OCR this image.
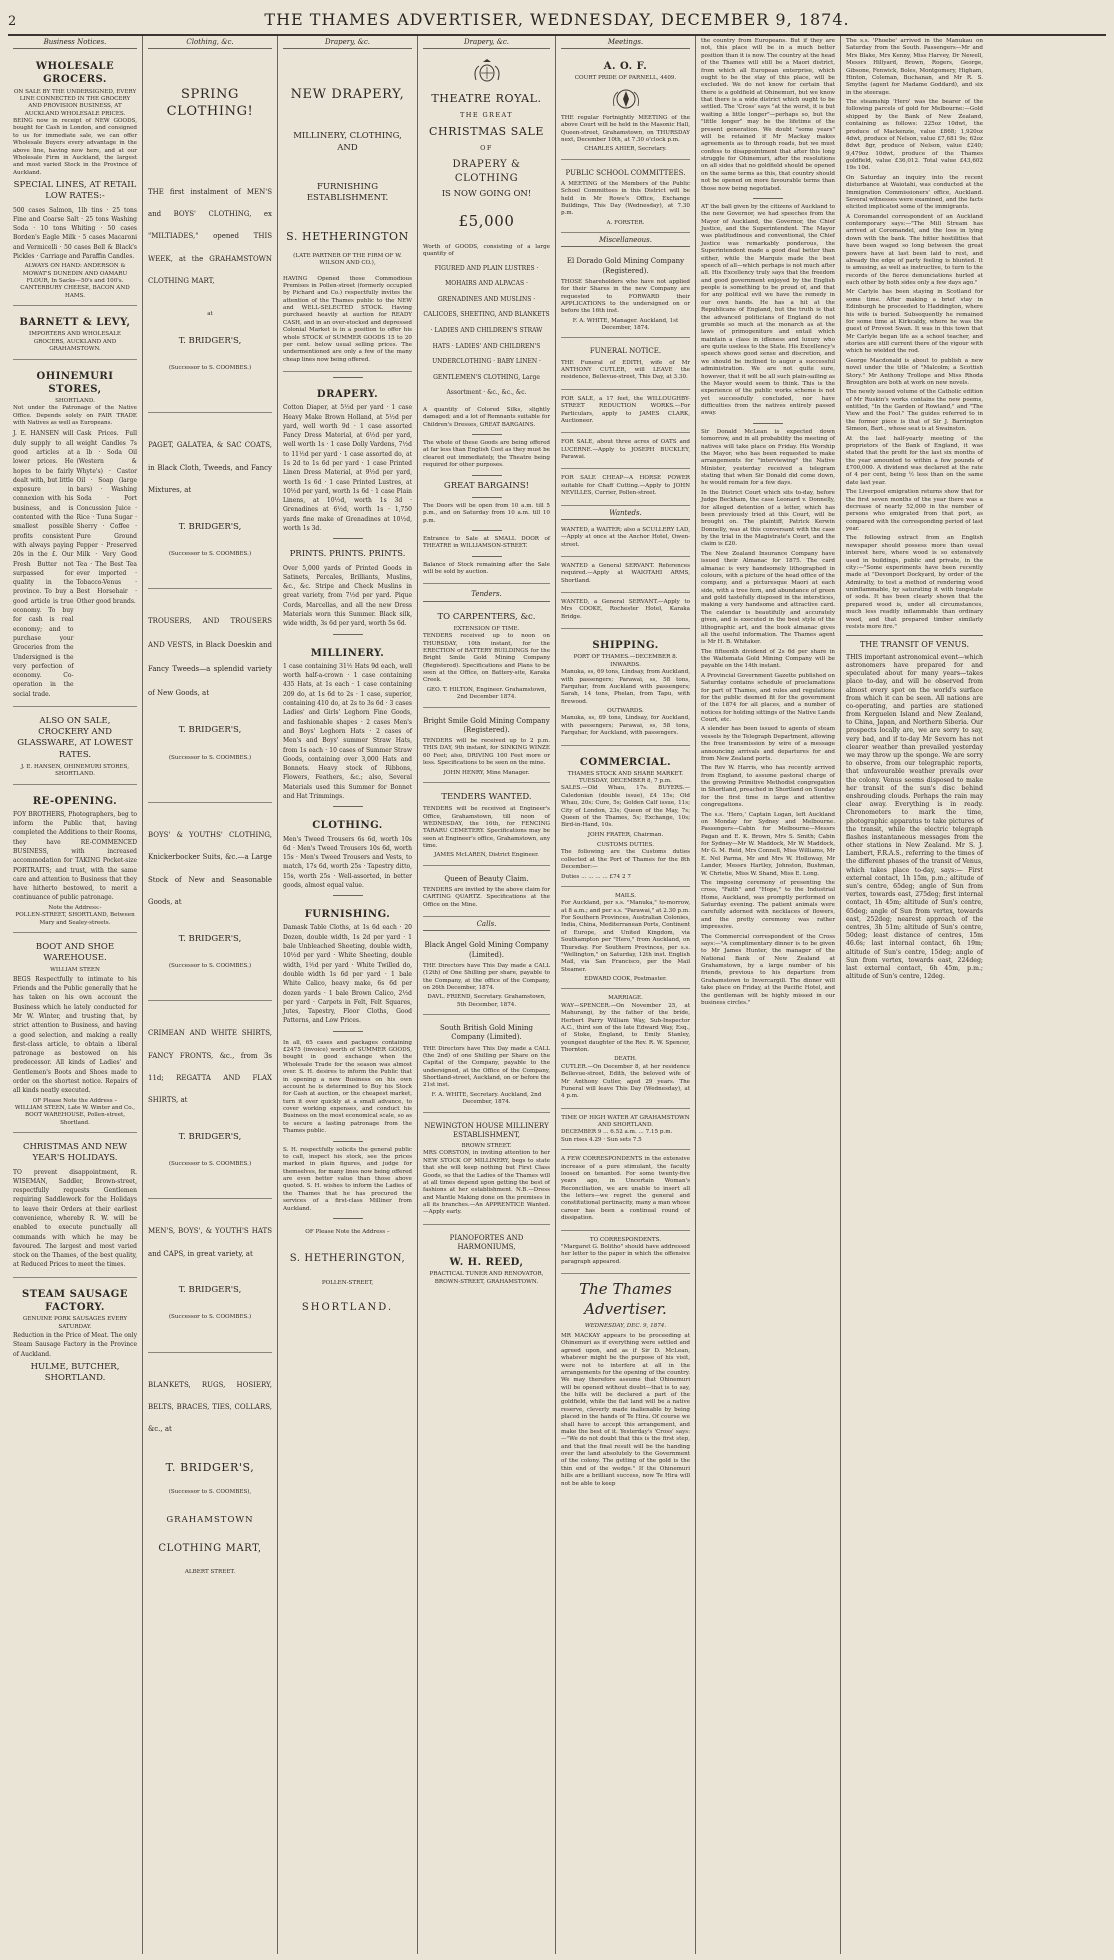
2	THE THAMES ADVERTISER, WEDNESDAY, DECEMBER 9, 1874.
Business Notices.
WHOLESALE GROCERS.
ON SALE BY THE UNDERSIGNED, EVERY LINE CONNECTED IN THE GROCERY AND PROVISION BUSINESS, AT AUCKLAND WHOLESALE PRICES.

BEING now in receipt of NEW GOODS, bought for Cash in London, and consigned to us for immediate sale, we can offer Wholesale Buyers every advantage in the above line, having now here, and at our Wholesale Firm in Auckland, the largest and most varied Stock in the Province of Auckland.

SPECIAL LINES, AT RETAIL LOW RATES:-

500 cases Salmon, 1lb tins · 25 tons Fine and Coarse Salt · 25 tons Washing Soda · 10 tons Whiting · 50 cases Borden's Eagle Milk · 5 cases Macaroni and Vermicelli · 50 cases Bell & Black's Pickles · Carriage and Paraffin Candles.

ALWAYS ON HAND: ANDERSON & MOWAT'S DUNEDIN AND OAMARU FLOUR, In Sacks—50's and 100's. CANTERBURY CHEESE, BACON AND HAMS.
BARNETT & LEVY,
IMPORTERS AND WHOLESALE GROCERS, AUCKLAND AND GRAHAMSTOWN.
OHINEMURI STORES,
SHORTLAND.

Not under the Patronage of the Native Office. Depends solely on FAIR TRADE with Natives as well as Europeans.

J. E. HANSEN will duly supply to all good articles at lower prices. He hopes to be fairly dealt with, but little exposure in connexion with his business, and is contented with the smallest possible profits consistent with always paying 20s in the £. Our Fresh Butter not surpassed for quality in the province. To buy a good article is true economy. To buy for cash is real economy; and to purchase your Groceries from the Undersigned is the very perfection of economy. Co-operation in the social trade.

Cask Prices. Full weight Candles 7s a lb · Soda Oil (Western & Whyte's) · Castor Oil · Soap (large bars) · Washing Soda · Port Concussion Juice · Rice · Tuna Sugar · Sherry · Coffee · Pure Ground Pepper · Preserved Milk · Very Good Tea · The Best Tea ever imported · Tobacco-Venus · Best Horsehair · Other good brands.

ALSO ON SALE, CROCKERY AND GLASSWARE, AT LOWEST RATES.
J. E. HANSEN, OHINEMURI STORES, SHORTLAND.
RE-OPENING.

FOY BROTHERS, Photographers, beg to inform the Public that, having completed the Additions to their Rooms, they have RE-COMMENCED BUSINESS, with increased accommodation for TAKING Pocket-size PORTRAITS; and trust, with the same care and attention to Business that they have hitherto bestowed, to merit a continuance of public patronage.

Note the Address:-
POLLEN-STREET, SHORTLAND, Between Mary and Sealey-streets.
BOOT AND SHOE WAREHOUSE.
WILLIAM STEEN

BEGS Respectfully to intimate to his Friends and the Public generally that he has taken on his own account the Business which he lately conducted for Mr W. Winter, and trusting that, by strict attention to Business, and having a good selection, and making a really first-class article, to obtain a liberal patronage as bestowed on his predecessor. All kinds of Ladies' and Gentlemen's Boots and Shoes made to order on the shortest notice. Repairs of all kinds neatly executed.

OF Please Note the Address –
WILLIAM STEEN, Late W. Winter and Co., BOOT WAREHOUSE, Pollen-street, Shortland.
CHRISTMAS AND NEW YEAR'S HOLIDAYS.

TO prevent disappointment, R. WISEMAN, Saddler, Brown-street, respectfully requests Gentlemen requiring Saddlework for the Holidays to leave their Orders at their earliest convenience, whereby R. W. will be enabled to execute punctually all commands with which he may be favoured. The largest and most varied stock on the Thames, of the best quality, at Reduced Prices to meet the times.

STEAM SAUSAGE FACTORY.
GENUINE PORK SAUSAGES EVERY SATURDAY.

Reduction in the Price of Meat. The only Steam Sausage Factory in the Province of Auckland.

HULME, BUTCHER, SHORTLAND.
Clothing, &c.
SPRING CLOTHING!

THE first instalment of MEN'S and BOYS' CLOTHING, ex "MILTIADES," opened THIS WEEK, at the GRAHAMSTOWN CLOTHING MART,

at
T. BRIDGER'S,
(Successor to S. COOMBES.)

PAGET, GALATEA, & SAC COATS, in Black Cloth, Tweeds, and Fancy Mixtures, at

T. BRIDGER'S,
(Successor to S. COOMBES.)

TROUSERS, AND TROUSERS AND VESTS, in Black Doeskin and Fancy Tweeds—a splendid variety of New Goods, at

T. BRIDGER'S,
(Successor to S. COOMBES.)

BOYS' & YOUTHS' CLOTHING, Knickerbocker Suits, &c.—a Large Stock of New and Seasonable Goods, at

T. BRIDGER'S,
(Successor to S. COOMBES.)

CRIMEAN AND WHITE SHIRTS, FANCY FRONTS, &c., from 3s 11d; REGATTA AND FLAX SHIRTS, at

T. BRIDGER'S,
(Successor to S. COOMBES.)

MEN'S, BOYS', & YOUTH'S HATS and CAPS, in great variety, at

T. BRIDGER'S,
(Successor to S. COOMBES.)

BLANKETS, RUGS, HOSIERY, BELTS, BRACES, TIES, COLLARS, &c., at

T. BRIDGER'S,
(Successor to S. COOMBES),
GRAHAMSTOWN
CLOTHING MART,
ALBERT STREET.
Drapery, &c.
NEW DRAPERY,
MILLINERY, CLOTHING, AND
FURNISHING ESTABLISHMENT.
S. HETHERINGTON
(LATE PARTNER OF THE FIRM OF W. WILSON AND CO.),

HAVING Opened those Commodious Premises in Pollen-street (formerly occupied by Pichard and Co.) respectfully invites the attention of the Thames public to the NEW and WELL-SELECTED STOCK. Having purchased heavily at auction for READY CASH, and in an over-stocked and depressed Colonial Market is in a position to offer his whole STOCK of SUMMER GOODS 15 to 20 per cent. below usual selling prices. The undermentioned are only a few of the many cheap lines now being offered.

DRAPERY.

Cotton Diaper, at 5½d per yard · 1 case Heavy Make Brown Holland, at 5½d per yard, well worth 9d · 1 case assorted Fancy Dress Material, at 6½d per yard, well worth 1s · 1 case Dolly Vardens, 7½d to 11½d per yard · 1 case assorted do, at 1s 2d to 1s 6d per yard · 1 case Printed Linen Dress Material, at 9½d per yard, worth 1s 6d · 1 case Printed Lustres, at 10½d per yard, worth 1s 6d · 1 case Plain Linens, at 10½d, worth 1s 3d · Grenadines at 6½d, worth 1s · 1,750 yards fine make of Grenadines at 10½d, worth 1s 3d.

PRINTS. PRINTS. PRINTS.

Over 5,000 yards of Printed Goods in Satinets, Percales, Brilliants, Muslins, &c., &c. Stripe and Check Muslins in great variety, from 7½d per yard. Pique Cords, Marcellas, and all the new Dress Materials worn this Summer. Black silk, wide width, 3s 6d per yard, worth 5s 6d.

MILLINERY.

1 case containing 31½ Hats 9d each, well worth half-a-crown · 1 case containing 435 Hats, at 1s each · 1 case containing 209 do, at 1s 6d to 2s · 1 case, superior, containing 410 do, at 2s to 3s 6d · 3 cases Ladies' and Girls' Leghorn Fine Goods, and fashionable shapes · 2 cases Men's and Boys' Leghorn Hats · 2 cases of Men's and Boys' summer Straw Hats, from 1s each · 10 cases of Summer Straw Goods, containing over 3,000 Hats and Bonnets. Heavy stock of Ribbons, Flowers, Feathers, &c.; also, Several Materials used this Summer for Bonnet and Hat Trimmings.

CLOTHING.

Men's Tweed Trousers 6s 6d, worth 10s 6d · Men's Tweed Trousers 10s 6d, worth 15s · Men's Tweed Trousers and Vests, to match, 17s 6d, worth 25s · Tapestry ditto, 15s, worth 25s · Well-assorted, in better goods, almost equal value.

FURNISHING.

Damask Table Cloths, at 1s 6d each · 20 Dozen, double width, 1s 2d per yard · 1 bale Unbleached Sheeting, double width, 10½d per yard · White Sheeting, double width, 1½d per yard · White Twilled do, double width 1s 6d per yard · 1 bale White Calico, heavy make, 6s 6d per dozen yards · 1 bale Brown Calico, 2½d per yard · Carpets in Felt, Felt Squares, Jutes, Tapestry, Floor Cloths, Good Patterns, and Low Prices.

In all, 65 cases and packages containing £2475 (invoice) worth of SUMMER GOODS, bought in good exchange when the Wholesale Trade for the season was almost over. S. H. desires to inform the Public that in opening a new Business on his own account he is determined to Buy his Stock for Cash at auction, or the cheapest market, turn it over quickly at a small advance, to cover working expenses, and conduct his Business on the most economical scale, so as to secure a lasting patronage from the Thames public.

S. H. respectfully solicits the general public to call, inspect his stock, see the prices marked in plain figures, and judge for themselves, for many lines now being offered are even better value than those above quoted. S. H. wishes to inform the Ladies of the Thames that he has procured the services of a first-class Milliner from Auckland.

OF Please Note the Address –
S. HETHERINGTON,
POLLEN-STREET,
SHORTLAND.
Drapery, &c.
THEATRE ROYAL.
THE GREAT
CHRISTMAS SALE
OF
DRAPERY & CLOTHING
IS NOW GOING ON!
£5,000

Worth of GOODS, consisting of a large quantity of

FIGURED AND PLAIN LUSTRES · MOHAIRS AND ALPACAS · GRENADINES AND MUSLINS · CALICOES, SHEETING, AND BLANKETS · LADIES AND CHILDREN'S STRAW HATS · LADIES' AND CHILDREN'S UNDERCLOTHING · BABY LINEN · GENTLEMEN'S CLOTHING, Large Assortment · &c., &c., &c.

A quantity of Colored Silks, slightly damaged; and a lot of Remnants suitable for Children's Dresses, GREAT BARGAINS.

The whole of these Goods are being offered at far less than English Cost as they must be cleared out immediately, the Theatre being required for other purposes.

GREAT BARGAINS!

The Doors will be open from 10 a.m. till 5 p.m., and on Saturday from 10 a.m. till 10 p.m.

Entrance to Sale at SMALL DOOR of THEATRE in WILLIAMSON-STREET.

Balance of Stock remaining after the Sale will be sold by auction.

Tenders.
TO CARPENTERS, &c.
EXTENSION OF TIME.

TENDERS received up to noon on THURSDAY, 10th instant, for the ERECTION of BATTERY BUILDINGS for the Bright Smile Gold Mining Company (Registered). Specifications and Plans to be seen at the Office, on Battery-site, Karaka Creek.

GEO. T. HILTON, Engineer. Grahamstown, 2nd December 1874.
Bright Smile Gold Mining Company (Registered).

TENDERS will be received up to 2 p.m. THIS DAY, 9th instant, for SINKING WINZE 60 Feet; also, DRIVING 100 Feet more or less. Specifications to be seen on the mine.

JOHN HENRY, Mine Manager.
TENDERS WANTED.

TENDERS will be received at Engineer's Office, Grahamstown, till noon of WEDNESDAY, the 16th, for FENCING TARARU CEMETERY. Specifications may be seen at Engineer's office, Grahamstown, any time.

JAMES McLAREN, District Engineer.
Queen of Beauty Claim.

TENDERS are invited by the above claim for CARTING QUARTZ. Specifications at the Office on the Mine.

Calls.
Black Angel Gold Mining Company (Limited).

THE Directors have This Day made a CALL (12th) of One Shilling per share, payable to the Company, at the office of the Company, on 26th December, 1874.

DAVL. FRIEND, Secretary. Grahamstown, 5th December, 1874.
South British Gold Mining Company (Limited).

THE Directors have This Day made a CALL (the 2nd) of one Shilling per Share on the Capital of the Company, payable to the undersigned, at the Office of the Company, Shortland-street, Auckland, on or before the 21st inst.

F. A. WHITE, Secretary. Auckland, 2nd December, 1874.
NEWINGTON HOUSE MILLINERY ESTABLISHMENT,
BROWN STREET.

MRS CORSTON, in inviting attention to her NEW STOCK OF MILLINERY, begs to state that she will keep nothing but First Class Goods, so that the Ladies of the Thames will at all times depend upon getting the best of fashions at her establishment. N.B.—Dress and Mantle Making done on the premises in all its branches.—An APPRENTICE Wanted.—Apply early.

PIANOFORTES AND HARMONIUMS,
W. H. REED,
PRACTICAL TUNER AND RENOVATOR,
BROWN-STREET, GRAHAMSTOWN.
Meetings.
A. O. F.
COURT PRIDE OF PARNELL, 4409.

THE regular Fortnightly MEETING of the above Court will be held in the Masonic Hall, Queen-street, Grahamstown, on THURSDAY next, December 10th, at 7.30 o'clock p.m.

CHARLES AHIER, Secretary.
PUBLIC SCHOOL COMMITTEES.

A MEETING of the Members of the Public School Committees in this District will be held in Mr Rowe's Office, Exchange Buildings, This Day (Wednesday), at 7.30 p.m.

A. FORSTER.
Miscellaneous.
El Dorado Gold Mining Company (Registered).

THOSE Shareholders who have not applied for their Shares in the new Company are requested to FORWARD their APPLICATIONS to the undersigned on or before the 16th inst.

F. A. WHITE, Manager. Auckland, 1st December, 1874.
FUNERAL NOTICE.

THE Funeral of EDITH, wife of Mr ANTHONY CUTLER, will LEAVE the residence, Bellevue-street, This Day, at 3.30.

FOR SALE, a 17 feet, the WILLOUGHBY-STREET REDUCTION WORKS.—For Particulars, apply to JAMES CLARK, Auctioneer.

FOR SALE, about three acres of OATS and LUCERNE.—Apply to JOSEPH BUCKLEY, Parawai.

FOR SALE CHEAP—A HORSE POWER suitable for Chaff Cutting.—Apply to JOHN NEVILLES, Currier, Pollen-street.

Wanteds.

WANTED, a WAITER; also a SCULLERY LAD,—Apply at once at the Anchor Hotel, Owen-street.

WANTED a General SERVANT. References required.—Apply at WAIOTAHI ARMS, Shortland.

WANTED, a General SERVANT.—Apply to Mrs COOKE, Rochester Hotel, Karaka Bridge.

SHIPPING.
PORT OF THAMES.—DECEMBER 8.
INWARDS.

Manuka, ss, 69 tons, Lindsay, from Auckland, with passengers; Parawai, ss, 58 tons, Farquhar, from Auckland with passengers; Sarah, 14 tons, Phelan, from Tapu, with firewood.

OUTWARDS.

Manuka, ss, 69 tons, Lindsay, for Auckland, with passengers; Parawai, ss, 58 tons, Farquhar, for Auckland, with passengers.

COMMERCIAL.
THAMES STOCK AND SHARE MARKET.
TUESDAY, DECEMBER 8, 7 p.m.

SALES.—Old Whau, 17s. BUYERS.—Caledonian (double issue), £4 15s; Old Whau, 20s; Cure, 5s; Golden Calf issue, 11s; City of London, 23s; Queen of the May, 7s; Queen of the Thames, 5s; Exchange, 10s; Bird-in-Hand, 10s.

JOHN FRATER, Chairman.
CUSTOMS DUTIES.

The following are the Customs duties collected at the Port of Thames for the 8th December:—

Duties ... ... ... ... £74 2 7
MAILS.

For Auckland, per s.s. "Manuka," to-morrow, at 8 a.m.; and per s.s. "Parawai," at 2.30 p.m. For Southern Provinces, Australian Colonies, India, China, Mediterranean Ports, Continent of Europe, and United Kingdom, via Southampton per "Hero," from Auckland, on Thursday. For Southern Provinces, per s.s. "Wellington," on Saturday, 12th inst. English Mail, via San Francisco, per the Mail Steamer.

EDWARD COOK, Postmaster.
MARRIAGE.

WAY—SPENCER.—On November 25, at Mahurangi, by the father of the bride, Herbert Parry William Way, Sub-Inspector A.C., third son of the late Edward Way, Esq., of Stoke, England, to Emily Stanley, youngest daughter of the Rev. R. W. Spencer, Thornton.

DEATH.

CUTLER.—On December 8, at her residence Bellevue-street, Edith, the beloved wife of Mr Anthony Cutler, aged 29 years. The Funeral will leave This Day (Wednesday), at 4 p.m.

TIME OF HIGH WATER AT GRAHAMSTOWN AND SHORTLAND.
DECEMBER 9 ... 6.52 a.m. ... 7.15 p.m.
Sun rises 4.29 · Sun sets 7.5

A FEW CORRESPONDENTS in the extensive increase of a pure stimulant, the faculty loosed on tenanted. For some twenty-five years ago, in Uncertain Woman's Reconciliation, we are unable to insert all the letters—we regret the general and constitutional pertinacity, many a man whose career has been a continual round of dissipation.

TO CORRESPONDENTS.

"Margaret G. Bolitho" should have addressed her letter to the paper in which the offensive paragraph appeared.

The Thames Advertiser.
WEDNESDAY, DEC. 9, 1874.

MR MACKAY appears to be proceeding at Ohinemuri as if everything were settled and agreed upon, and as if Sir D. McLean, whatever might be the purpose of his visit, were not to interfere at all in the arrangements for the opening of the country. We may therefore assume that Ohinemuri will be opened without doubt—that is to say, the hills will be declared a part of the goldfield, while the flat land will be a native reserve, cleverly made inalienable by being placed in the hands of Te Hira. Of course we shall have to accept this arrangement, and make the best of it. Yesterday's 'Cross' says:—"We do not doubt that this is the first step, and that the final result will be the handing over the land absolutely to the Government of the colony. The getting of the gold is the thin end of the wedge." If the Ohinemuri hills are a brilliant success, now Te Hira will not be able to keep

the country from Europeans. But if they are not, this place will be in a much better position than it is now. The country at the head of the Thames will still be a Maori district, from which all European enterprise, which ought to be the stay of this place, will be excluded. We do not know for certain that there is a goldfield at Ohinemuri, but we know that there is a wide district which ought to be settled. The 'Cross' says "at the worst, it is but waiting a little longer"—perhaps so, but the "little longer" may be the lifetime of the present generation. We doubt "some years" will be retained if Mr Mackay makes agreements as to through roads, but we must confess to disappointment that after this long struggle for Ohinemuri, after the resolutions on all sides that no goldfield should be opened on the same terms as this, that country should not be opened on more favourable terms than those now being negotiated.

AT the ball given by the citizens of Auckland to the new Governor, we had speeches from the Mayor of Auckland, the Governor, the Chief Justice, and the Superintendent. The Mayor was platitudinous and conventional, the Chief Justice was remarkably ponderous, the Superintendent made a good deal better than either, while the Marquis made the best speech of all—which perhaps is not much after all. His Excellency truly says that the freedom and good government enjoyed by the English people is something to be proud of, and that for any political evil we have the remedy in our own hands. He has a hit at the Republicans of England, but the truth is that the advanced politicians of England do not grumble so much at the monarch as at the laws of primogeniture and entail which maintain a class in idleness and luxury who are quite useless to the State. His Excellency's speech shows good sense and discretion, and we should be inclined to augur a successful administration. We are not quite sure, however, that it will be all such plain-sailing as the Mayor would seem to think. This is the experience of the public works scheme is not yet successfully concluded, nor have difficulties from the natives entirely passed away.

Sir Donald McLean is expected down tomorrow, and in all probability the meeting of natives will take place on Friday. His Worship the Mayor, who has been requested to make arrangements for "interviewing" the Native Minister, yesterday received a telegram stating that when Sir Donald did come down, he would remain for a few days.

In the District Court which sits to-day, before Judge Beckham, the case Leonard v. Donnelly, for alleged detention of a letter, which has been previously tried at this Court, will be brought on. The plaintiff, Patrick Kerwin Donnelly, was at this conversant with the case by the trial in the Magistrate's Court, and the claim is £20.

The New Zealand Insurance Company have issued their Almanac for 1875. The card almanac is very handsomely lithographed in colours, with a picture of the head office of the company, and a picturesque Maori at each side, with a tree fern, and abundance of green and gold tastefully disposed in the interstices, making a very handsome and attractive card. The calendar is beautifully and accurately given, and is executed in the best style of the lithographic art, and the book almanac gives all the useful information. The Thames agent is Mr H. B. Whitaker.

The fifteenth dividend of 2s 6d per share in the Waitemata Gold Mining Company will be payable on the 14th instant.

A Provincial Government Gazette published on Saturday contains schedule of proclamations for part of Thames, and rules and regulations for the public deemed fit for the government of the 1874 for all places, and a number of notices for holding sittings of the Native Lands Court, etc.

A slender has been issued to agents of steam vessels by the Telegraph Department, allowing the free transmission by wire of a message announcing arrivals and departures for and from New Zealand ports.

The Rev W. Harris, who has recently arrived from England, to assume pastoral charge of the growing Primitive Methodist congregation in Shortland, preached in Shortland on Sunday for the first time in large and attentive congregations.

The s.s. 'Hero,' Captain Logan, left Auckland on Monday for Sydney and Melbourne. Passengers—Cabin for Melbourne—Messrs Pagan and E. K. Brown, Mrs S. Smith; Cabin for Sydney—Mr W. Maddock, Mr W. Maddock, Mr G. M. Reid, Mrs Connell, Miss Williams, Mr E. Nel Parma, Mr and Mrs W. Holloway, Mr Lander, Messrs Hartley, Johnston, Bushman, W. Christie, Miss W. Shand, Miss E. Long.

The imposing ceremony of presenting the cross, "Faith" and "Hope," to the Industrial Home, Auckland, was promptly performed on Saturday evening. The patient animals were carefully adorned with necklaces of flowers, and the pretty ceremony was rather impressive.

The Commercial correspondent of the Cross says:—"A complimentary dinner is to be given to Mr James Hunter, the manager of the National Bank of New Zealand at Grahamstown, by a large number of his friends, previous to his departure from Grahamstown to Invercargill. The dinner will take place on Friday, at the Pacific Hotel, and the gentleman will be highly missed in our business circles."

The s.s. 'Phoebe' arrived in the Manukau on Saturday from the South. Passengers—Mr and Mrs Blake, Mrs Kenny, Miss Harvey, Dr Newell, Messrs Hillyard, Brown, Rogers, George, Gibsone, Fenwick, Boles, Montgomery, Higham, Hinton, Coleman, Buchanan, and Mr R. S. Smythe (agent for Madame Goddard), and six in the steerage.

The steamship 'Hero' was the bearer of the following parcels of gold for Melbourne:—Gold shipped by the Bank of New Zealand, containing as follows: 225oz 10dwt, the produce of Mackenzie, value £868; 1,920oz 4dwt, produce of Nelson, value £7,681 9s; 62oz 8dwt 8gr, produce of Nelson, value £240; 9,479oz 10dwt, produce of the Thames goldfield, value £36,012. Total value £43,602 19s 10d.

On Saturday an inquiry into the recent disturbance at Waiotahi, was conducted at the Immigration Commissioners' office, Auckland. Several witnesses were examined, and the facts elicited implicated some of the immigrants.

A Coromandel correspondent of an Auckland contemporary says:—"The Mill Stream has arrived at Coromandel, and the loss in lying down with the bank. The bitter hostilities that have been waged so long between the great powers have at last been laid to rest, and already the edge of party feeling is blunted. It is amusing, as well as instructive, to turn to the records of the fierce denunciations hurled at each other by both sides only a few days ago."

Mr Carlyle has been staying in Scotland for some time. After making a brief stay in Edinburgh he proceeded to Haddington, where his wife is buried. Subsequently he remained for some time at Kirkcaldy, where he was the guest of Provost Swan. It was in this town that Mr Carlyle began life as a school teacher, and stories are still current there of the vigour with which he wielded the rod.

George Macdonald is about to publish a new novel under the title of "Malcolm; a Scottish Story." Mr Anthony Trollope and Miss Rhoda Broughton are both at work on new novels.

The newly issued volume of the Catholic edition of Mr Ruskin's works contains the new poems, entitled, "In the Garden of Rowland," and "The View and the Fool." The guides referred to in the former piece is that of Sir J. Barrington Simeon, Bart., whose seat is at Swainston.

At the last half-yearly meeting of the proprietors of the Bank of England, it was stated that the profit for the last six months of the year amounted to within a few pounds of £700,000. A dividend was declared at the rate of 4 per cent, being ½ less than on the same date last year.

The Liverpool emigration returns show that for the first seven months of the year there was a decrease of nearly 52,000 in the number of persons who emigrated from that port, as compared with the corresponding period of last year.

The following extract from an English newspaper should possess more than usual interest here, where wood is so extensively used in buildings, public and private, in the city:—"Some experiments have been recently made at "Devonport Dockyard, by order of the Admiralty, to test a method of rendering wood uninflammable, by saturating it with tungstate of soda. It has been clearly shown that the prepared wood is, under all circumstances, much less readily inflammable than ordinary wood, and that prepared timber similarly resists more fire."

THE TRANSIT OF VENUS.

THIS important astronomical event—which astronomers have prepared for and speculated about for many years—takes place to-day, and will be observed from almost every spot on the world's surface from which it can be seen. All nations are co-operating, and parties are stationed from Kerguelen Island and New Zealand, to China, Japan, and Northern Siberia. Our prospects locally are, we are sorry to say, very bad, and if to-day Mr Severn has not clearer weather than prevailed yesterday we may throw up the sponge. We are sorry to observe, from our telegraphic reports, that unfavourable weather prevails over the colony. Venus seems disposed to make her transit of the sun's disc behind enshrouding clouds. Perhaps the rain may clear away. Everything is in ready. Chronometers to mark the time, photographic apparatus to take pictures of the transit, while the electric telegraph flashes instantaneous messages from the other stations in New Zealand. Mr S. J. Lambert, F.R.A.S., referring to the times of the different phases of the transit of Venus, which takes place to-day, says:— First external contact, 1h 15m, p.m.; altitude of sun's centre, 65deg; angle of Sun from vertex, towards east, 275deg; first internal contact, 1h 45m; altitude of Sun's centre, 65deg; angle of Sun from vertex, towards east, 252deg; nearest approach of the centres, 3h 51m; altitude of Sun's centre, 50deg; least distance of centres, 15m 46.6s; last internal contact, 6h 19m; altitude of Sun's centre, 15deg; angle of Sun from vertex, towards east, 224deg; last external contact, 6h 45m, p.m.; altitude of Sun's centre, 12deg.
